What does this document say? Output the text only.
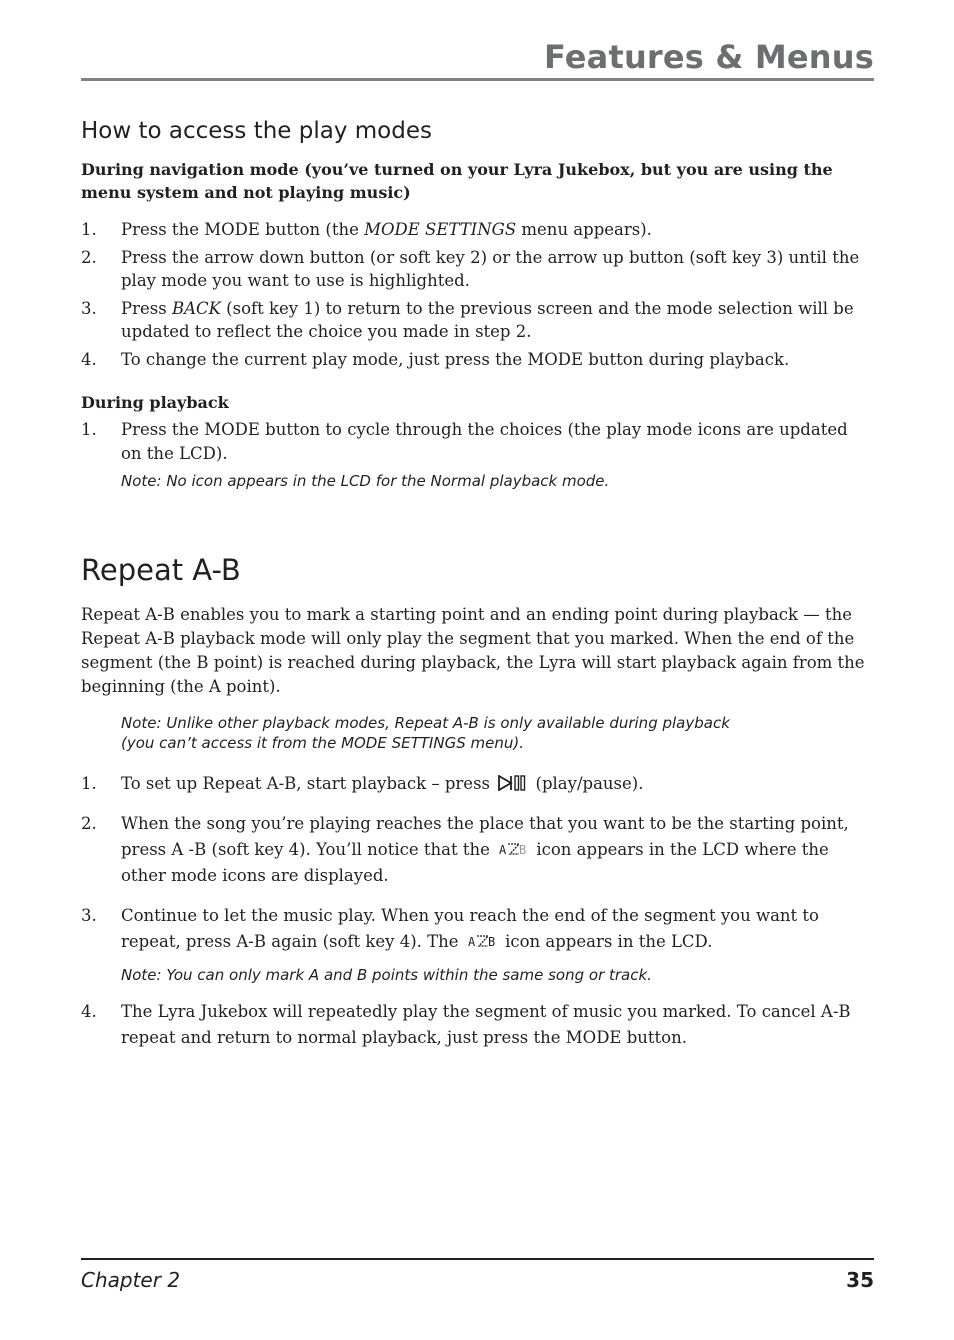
Features & Menus
How to access the play modes
During navigation mode (you’ve turned on your Lyra Jukebox, but you are using the menu system and not playing music)
1. Press the MODE button (the MODE SETTINGS menu appears).
2. Press the arrow down button (or soft key 2) or the arrow up button (soft key 3) until the play mode you want to use is highlighted.
3. Press BACK (soft key 1) to return to the previous screen and the mode selection will be updated to reflect the choice you made in step 2.
4. To change the current play mode, just press the MODE button during playback.
During playback
1. Press the MODE button to cycle through the choices (the play mode icons are updated on the LCD).
Note: No icon appears in the LCD for the Normal playback mode.
Repeat A-B

Repeat A-B enables you to mark a starting point and an ending point during playback — the Repeat A-B playback mode will only play the segment that you marked. When the end of the segment (the B point) is reached during playback, the Lyra will start playback again from the beginning (the A point).

Note: Unlike other playback modes, Repeat A-B is only available during playback
(you can’t access it from the MODE SETTINGS menu).
1. To set up Repeat A-B, start playback – press	(play/pause).
2. When the song you’re playing reaches the place that you want to be the starting point, press A -B (soft key 4). You’ll notice that the A B icon appears in the LCD where the other mode icons are displayed.
3. Continue to let the music play. When you reach the end of the segment you want to repeat, press A-B again (soft key 4). The A B icon appears in the LCD.
Note: You can only mark A and B points within the same song or track.
4. The Lyra Jukebox will repeatedly play the segment of music you marked. To cancel A-B repeat and return to normal playback, just press the MODE button.
Chapter 2	35
